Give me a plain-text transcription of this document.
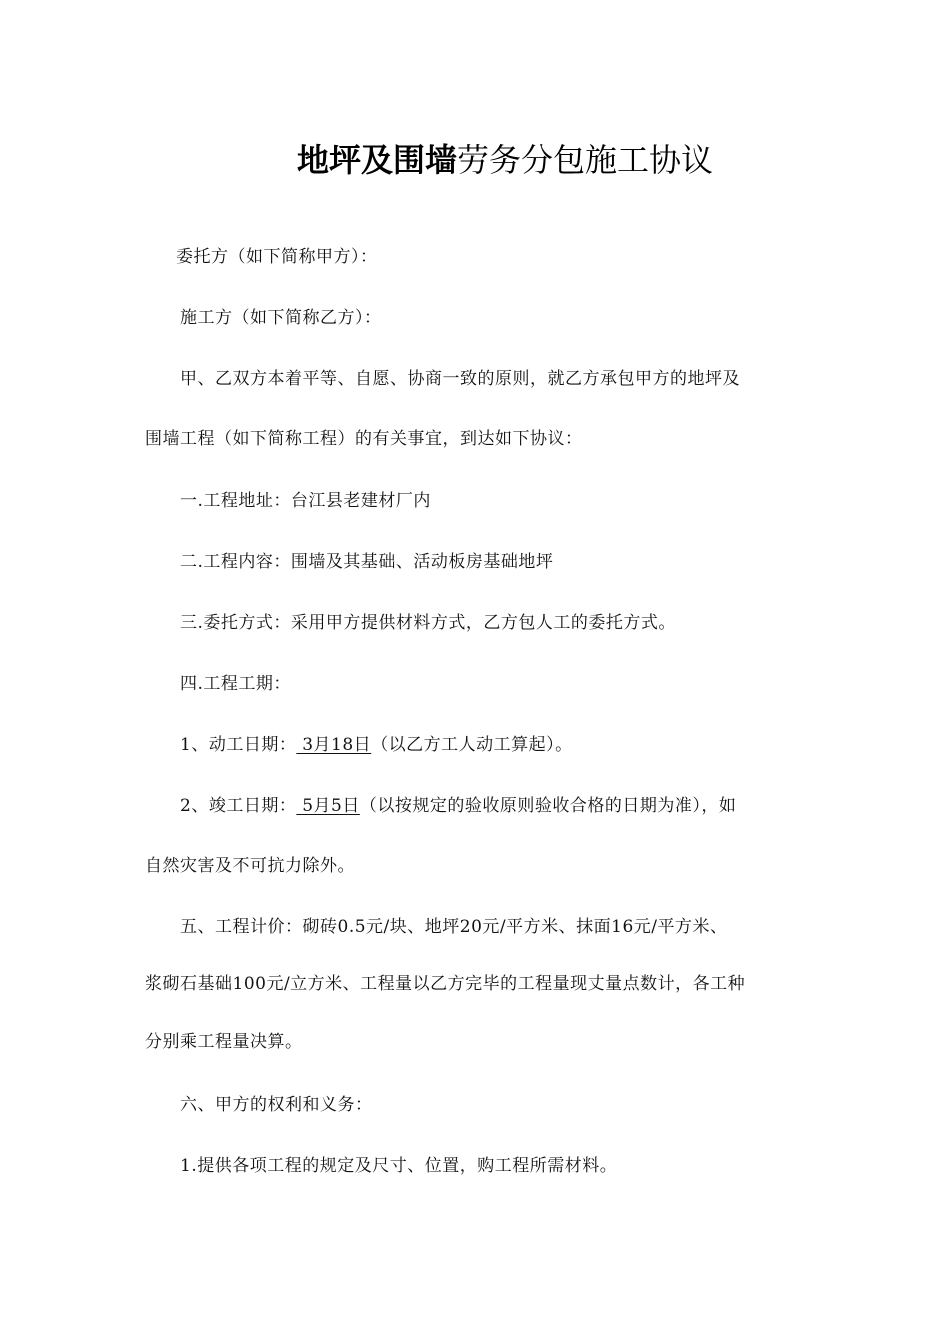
地坪及围墙劳务分包施工协议
委托方（如下简称甲方）：
施工方（如下简称乙方）：
甲、乙双方本着平等、自愿、协商一致的原则，就乙方承包甲方的地坪及
围墙工程（如下简称工程）的有关事宜，到达如下协议：
一.工程地址：台江县老建材厂内
二.工程内容：围墙及其基础、活动板房基础地坪
三.委托方式：采用甲方提供材料方式，乙方包人工的委托方式。
四.工程工期：
1、动工日期： 3月18日（以乙方工人动工算起）。
2、竣工日期： 5月5日（以按规定的验收原则验收合格的日期为准），如
自然灾害及不可抗力除外。
五、工程计价：砌砖0.5元/块、地坪20元/平方米、抹面16元/平方米、
浆砌石基础100元/立方米、工程量以乙方完毕的工程量现丈量点数计，各工种
分别乘工程量决算。
六、甲方的权利和义务：
1.提供各项工程的规定及尺寸、位置，购工程所需材料。
